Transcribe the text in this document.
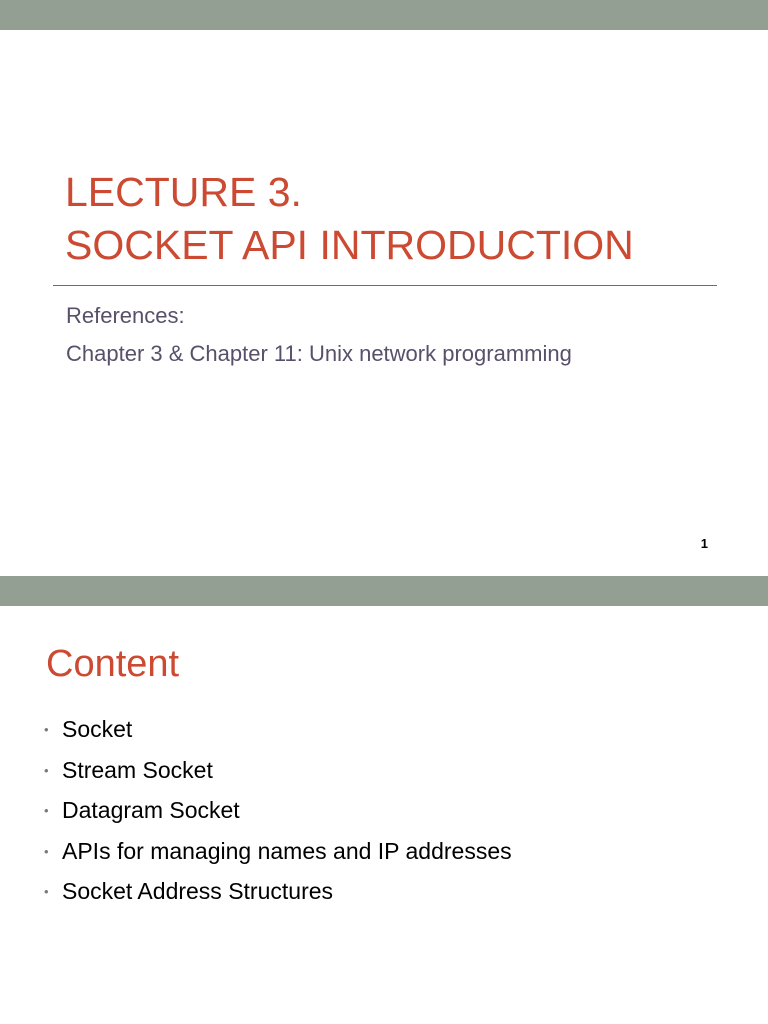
LECTURE 3.
SOCKET API INTRODUCTION
References:
Chapter 3 & Chapter 11: Unix network programming
1
Content
• Socket
• Stream Socket
• Datagram Socket
• APIs for managing names and IP addresses
• Socket Address Structures
